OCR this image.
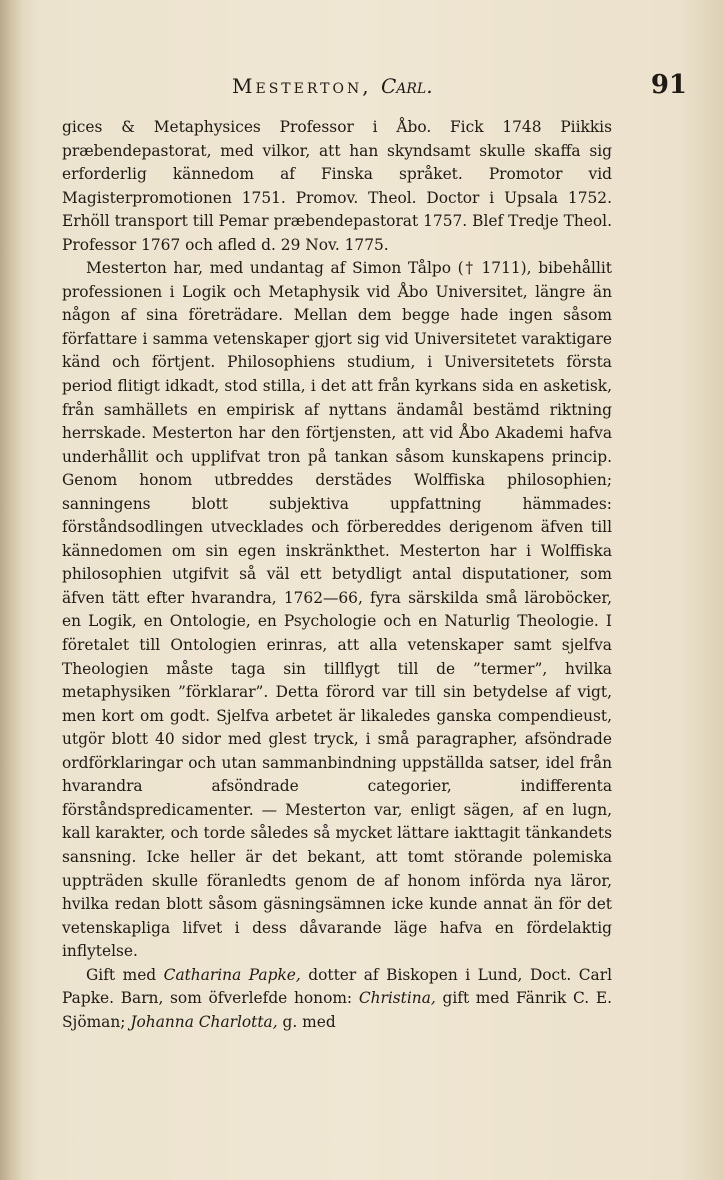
Mesterton, Carl.	91

gices & Metaphysices Professor i Åbo. Fick 1748 Piikkis præbendepastorat, med vilkor, att han skyndsamt skulle skaffa sig erforderlig kännedom af Finska språket. Promotor vid Magisterpromotionen 1751. Promov. Theol. Doctor i Upsala 1752. Erhöll transport till Pemar præbendepastorat 1757. Blef Tredje Theol. Professor 1767 och afled d. 29 Nov. 1775.

Mesterton har, med undantag af Simon Tålpo († 1711), bibehållit professionen i Logik och Metaphysik vid Åbo Universitet, längre än någon af sina företrädare. Mellan dem begge hade ingen såsom författare i samma vetenskaper gjort sig vid Universitetet varaktigare känd och förtjent. Philosophiens studium, i Universitetets första period flitigt idkadt, stod stilla, i det att från kyrkans sida en asketisk, från samhällets en empirisk af nyttans ändamål bestämd riktning herrskade. Mesterton har den förtjensten, att vid Åbo Akademi hafva underhållit och upplifvat tron på tankan såsom kunskapens princip. Genom honom utbreddes derstädes Wolffiska philosophien; sanningens blott subjektiva uppfattning hämmades: förståndsodlingen utvecklades och förbereddes derigenom äfven till kännedomen om sin egen inskränkthet. Mesterton har i Wolffiska philosophien utgifvit så väl ett betydligt antal disputationer, som äfven tätt efter hvarandra, 1762—66, fyra särskilda små läroböcker, en Logik, en Ontologie, en Psychologie och en Naturlig Theologie. I företalet till Ontologien erinras, att alla vetenskaper samt sjelfva Theologien måste taga sin tillflygt till de ”termer”, hvilka metaphysiken ”förklarar”. Detta förord var till sin betydelse af vigt, men kort om godt. Sjelfva arbetet är likaledes ganska compendieust, utgör blott 40 sidor med glest tryck, i små paragrapher, afsöndrade ordförklaringar och utan sammanbindning uppställda satser, idel från hvarandra afsöndrade categorier, indifferenta förståndspredicamenter. — Mesterton var, enligt sägen, af en lugn, kall karakter, och torde således så mycket lättare iakttagit tänkandets sansning. Icke heller är det bekant, att tomt störande polemiska uppträden skulle föranledts genom de af honom införda nya läror, hvilka redan blott såsom gäsningsämnen icke kunde annat än för det vetenskapliga lifvet i dess dåvarande läge hafva en fördelaktig inflytelse.

Gift med Catharina Papke, dotter af Biskopen i Lund, Doct. Carl Papke. Barn, som öfverlefde honom: Christina, gift med Fänrik C. E. Sjöman; Johanna Charlotta, g. med
